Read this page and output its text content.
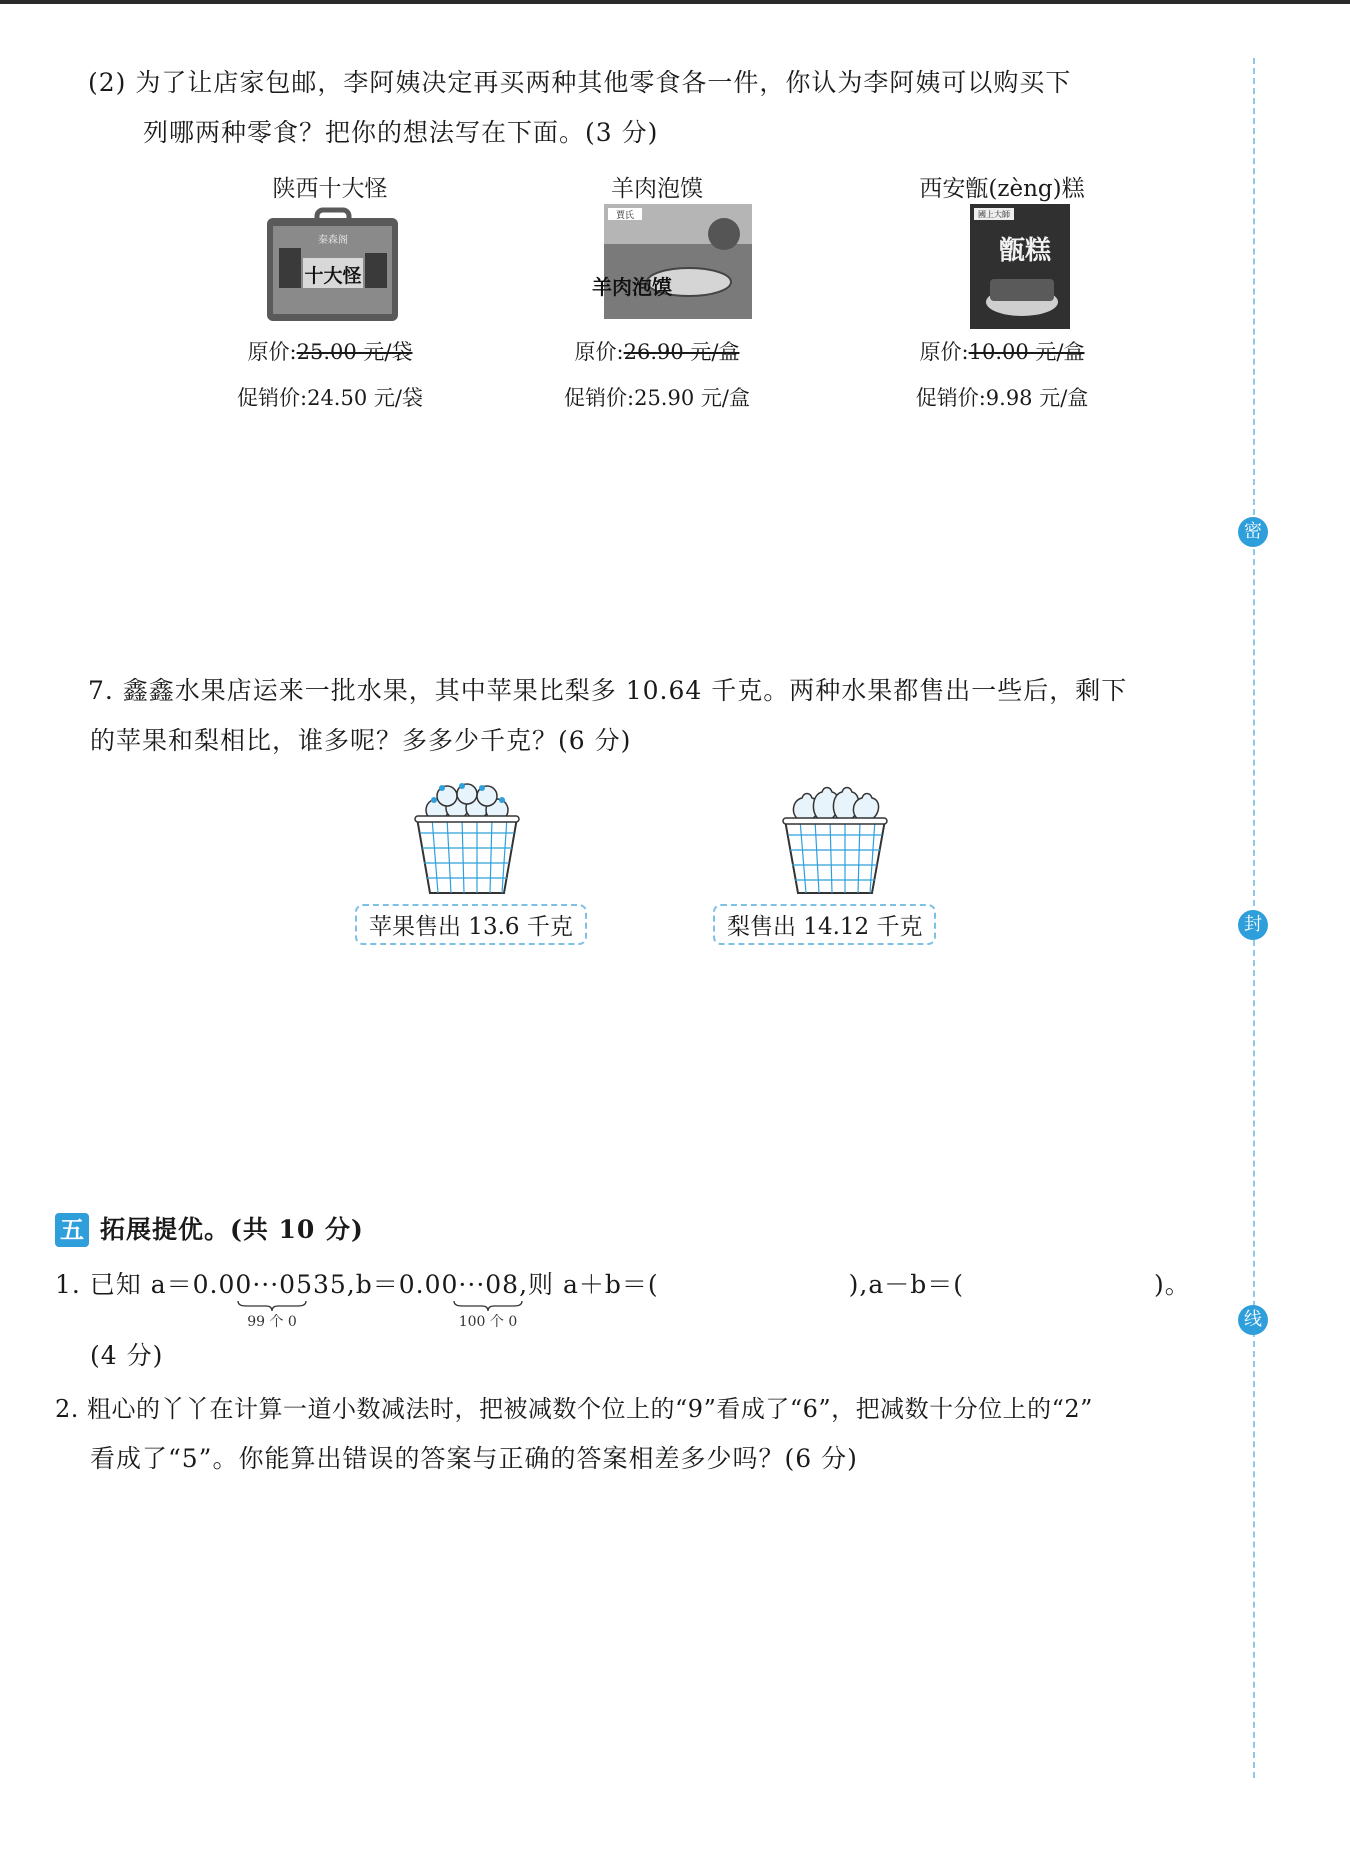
密
封
线
(2) 为了让店家包邮，李阿姨决定再买两种其他零食各一件，你认为李阿姨可以购买下
列哪两种零食？把你的想法写在下面。(3 分)
陕西十大怪
秦森阁
十大怪
原价:25.00 元/袋
促销价:24.50 元/袋
羊肉泡馍
賈氏
羊肉泡馍
原价:26.90 元/盒
促销价:25.90 元/盒
西安甑(zèng)糕
國上大師
甑糕
原价:10.00 元/盒
促销价:9.98 元/盒
7. 鑫鑫水果店运来一批水果，其中苹果比梨多 10.64 千克。两种水果都售出一些后，剩下
的苹果和梨相比，谁多呢？多多少千克？(6 分)
苹果售出 13.6 千克	梨售出 14.12 千克
五 拓展提优。(共 10 分)
1. 已知 a＝0.00···0535,b＝0.00···08,则 a＋b＝(	),a－b＝(	)。
99 个 0	100 个 0
(4 分)
2. 粗心的丫丫在计算一道小数减法时，把被减数个位上的“9”看成了“6”，把减数十分位上的“2”
看成了“5”。你能算出错误的答案与正确的答案相差多少吗？(6 分)
